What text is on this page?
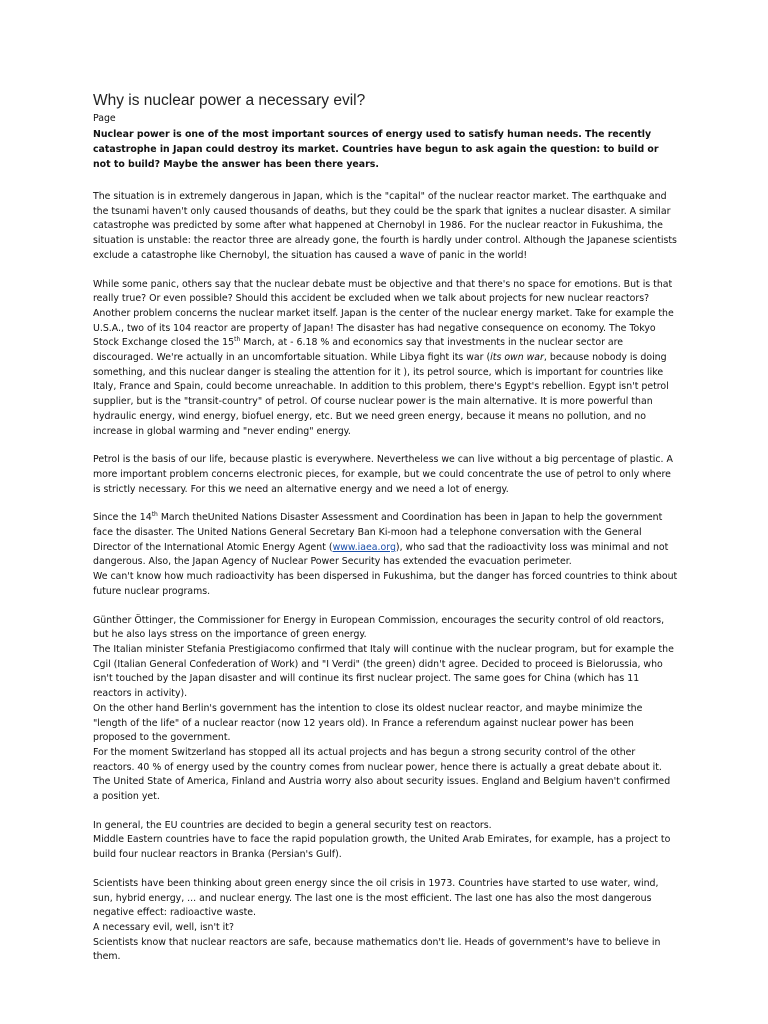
Why is nuclear power a necessary evil?
Page
Nuclear power is one of the most important sources of energy used to satisfy human needs. The recently catastrophe in Japan could destroy its market. Countries have begun to ask again the question: to build or not to build? Maybe the answer has been there years.

The situation is in extremely dangerous in Japan, which is the "capital" of the nuclear reactor market. The earthquake and the tsunami haven't only caused thousands of deaths, but they could be the spark that ignites a nuclear disaster. A similar catastrophe was predicted by some after what happened at Chernobyl in 1986. For the nuclear reactor in Fukushima, the situation is unstable: the reactor three are already gone, the fourth is hardly under control. Although the Japanese scientists exclude a catastrophe like Chernobyl, the situation has caused a wave of panic in the world!

While some panic, others say that the nuclear debate must be objective and that there's no space for emotions. But is that really true? Or even possible? Should this accident be excluded when we talk about projects for new nuclear reactors? Another problem concerns the nuclear market itself. Japan is the center of the nuclear energy market. Take for example the U.S.A., two of its 104 reactor are property of Japan! The disaster has had negative consequence on economy. The Tokyo Stock Exchange closed the 15th March, at - 6.18 % and economics say that investments in the nuclear sector are discouraged. We're actually in an uncomfortable situation. While Libya fight its war (its own war, because nobody is doing something, and this nuclear danger is stealing the attention for it ), its petrol source, which is important for countries like Italy, France and Spain, could become unreachable. In addition to this problem, there's Egypt's rebellion. Egypt isn't petrol supplier, but is the "transit-country" of petrol. Of course nuclear power is the main alternative. It is more powerful than hydraulic energy, wind energy, biofuel energy, etc. But we need green energy, because it means no pollution, and no increase in global warming and "never ending" energy.

Petrol is the basis of our life, because plastic is everywhere. Nevertheless we can live without a big percentage of plastic. A more important problem concerns electronic pieces, for example, but we could concentrate the use of petrol to only where is strictly necessary. For this we need an alternative energy and we need a lot of energy.

Since the 14th March theUnited Nations Disaster Assessment and Coordination has been in Japan to help the government face the disaster. The United Nations General Secretary Ban Ki-moon had a telephone conversation with the General Director of the International Atomic Energy Agent (www.iaea.org), who sad that the radioactivity loss was minimal and not dangerous. Also, the Japan Agency of Nuclear Power Security has extended the evacuation perimeter.

We can't know how much radioactivity has been dispersed in Fukushima, but the danger has forced countries to think about future nuclear programs.

Günther Öttinger, the Commissioner for Energy in European Commission, encourages the security control of old reactors, but he also lays stress on the importance of green energy.

The Italian minister Stefania Prestigiacomo confirmed that Italy will continue with the nuclear program, but for example the Cgil (Italian General Confederation of Work) and "I Verdi" (the green) didn't agree. Decided to proceed is Bielorussia, who isn't touched by the Japan disaster and will continue its first nuclear project. The same goes for China (which has 11 reactors in activity).

On the other hand Berlin's government has the intention to close its oldest nuclear reactor, and maybe minimize the "length of the life" of a nuclear reactor (now 12 years old). In France a referendum against nuclear power has been proposed to the government.

For the moment Switzerland has stopped all its actual projects and has begun a strong security control of the other reactors. 40 % of energy used by the country comes from nuclear power, hence there is actually a great debate about it.

The United State of America, Finland and Austria worry also about security issues. England and Belgium haven't confirmed a position yet.

In general, the EU countries are decided to begin a general security test on reactors.

Middle Eastern countries have to face the rapid population growth, the United Arab Emirates, for example, has a project to build four nuclear reactors in Branka (Persian's Gulf).

Scientists have been thinking about green energy since the oil crisis in 1973. Countries have started to use water, wind, sun, hybrid energy, ... and nuclear energy. The last one is the most efficient. The last one has also the most dangerous negative effect: radioactive waste.

A necessary evil, well, isn't it?

Scientists know that nuclear reactors are safe, because mathematics don't lie. Heads of government's have to believe in them.
